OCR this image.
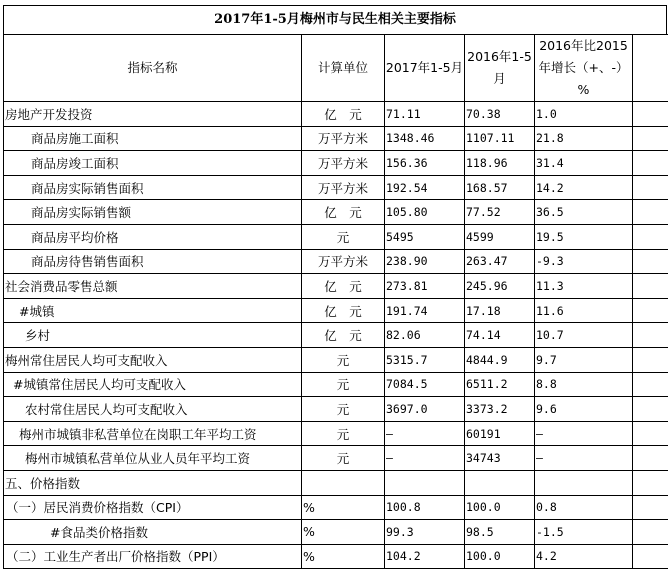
2017年1-5月梅州市与民生相关主要指标
指标名称	计算单位	2017年1-5月	2016年1-5月	2016年比2015年增长（+、-）%	
房地产开发投资	亿　元	71.11	70.38	1.0	
商品房施工面积	万平方米	1348.46	1107.11	21.8	
商品房竣工面积	万平方米	156.36	118.96	31.4	
商品房实际销售面积	万平方米	192.54	168.57	14.2	
商品房实际销售额	亿　元	105.80	77.52	36.5	
商品房平均价格	元	5495	4599	19.5	
商品房待售销售面积	万平方米	238.90	263.47	-9.3	
社会消费品零售总额	亿　元	273.81	245.96	11.3	
#城镇	亿　元	191.74	17.18	11.6	
乡村	亿　元	82.06	74.14	10.7	
梅州常住居民人均可支配收入	元	5315.7	4844.9	9.7	
#城镇常住居民人均可支配收入	元	7084.5	6511.2	8.8	
农村常住居民人均可支配收入	元	3697.0	3373.2	9.6	
梅州市城镇非私营单位在岗职工年平均工资	元	—	60191	—	
梅州市城镇私营单位从业人员年平均工资	元	—	34743	—	
五、价格指数					
（一）居民消费价格指数（CPI）	%	100.8	100.0	0.8	
#食品类价格指数	%	99.3	98.5	-1.5	
（二）工业生产者出厂价格指数（PPI）	%	104.2	100.0	4.2	
